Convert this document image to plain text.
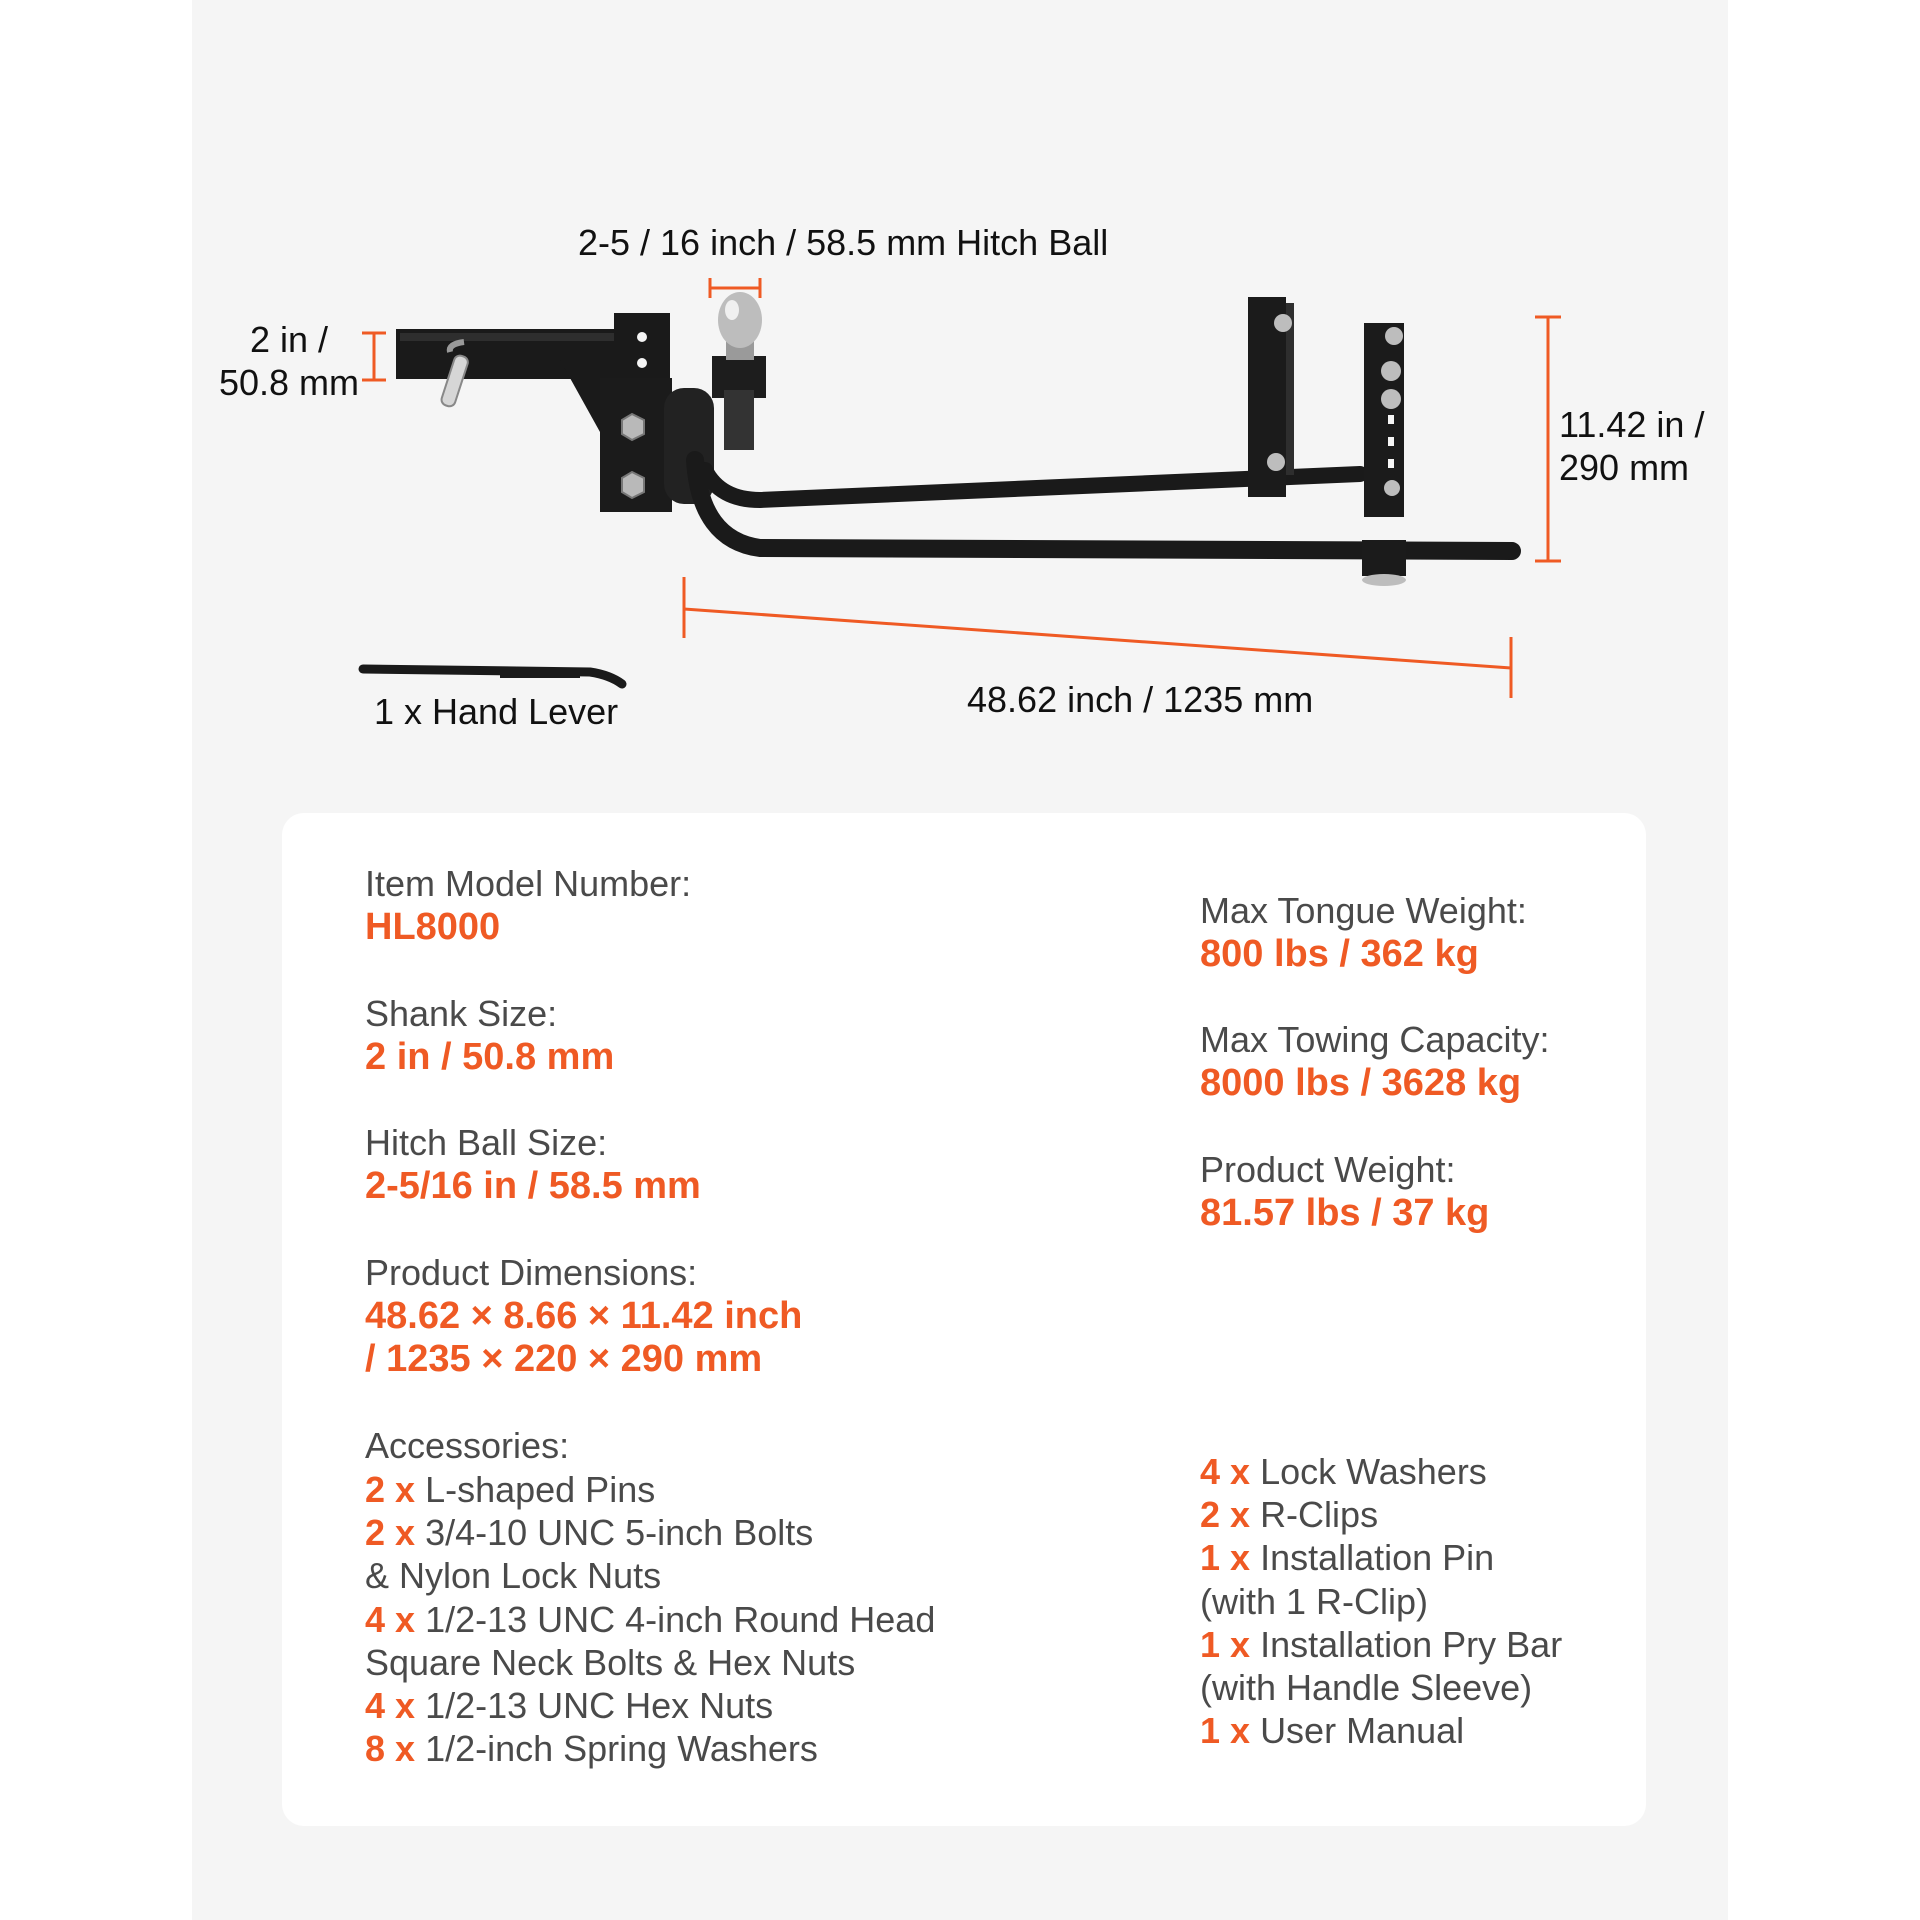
2-5 / 16 inch / 58.5 mm Hitch Ball
2 in /
50.8 mm
11.42 in /
290 mm
48.62 inch / 1235 mm
1 x Hand Lever
Item Model Number:
HL8000
Shank Size:
2 in / 50.8 mm
Hitch Ball Size:
2-5/16 in / 58.5 mm
Product Dimensions:
48.62 × 8.66 × 11.42 inch
/ 1235 × 220 × 290 mm
Max Tongue Weight:
800 lbs / 362 kg
Max Towing Capacity:
8000 lbs / 3628 kg
Product Weight:
81.57 lbs / 37 kg
Accessories:
2 x L-shaped Pins
2 x 3/4-10 UNC 5-inch Bolts
& Nylon Lock Nuts
4 x 1/2-13 UNC 4-inch Round Head
Square Neck Bolts & Hex Nuts
4 x 1/2-13 UNC Hex Nuts
8 x 1/2-inch Spring Washers
4 x Lock Washers
2 x R-Clips
1 x Installation Pin
(with 1 R-Clip)
1 x Installation Pry Bar
(with Handle Sleeve)
1 x User Manual
